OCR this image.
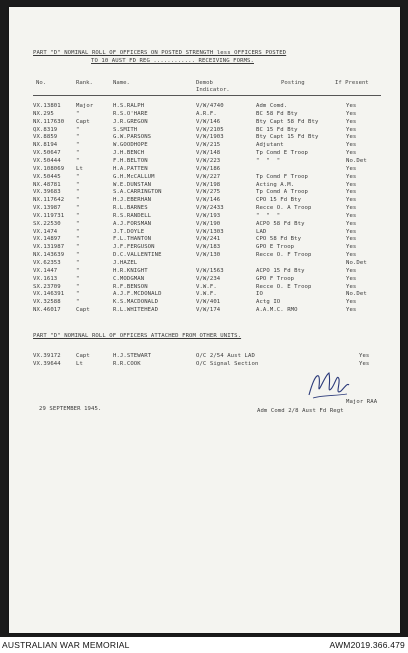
PART "D" NOMINAL ROLL OF OFFICERS ON POSTED STRENGTH less OFFICERS POSTED
TO 10 AUST FD REG ............ RECEIVING FORMS.
No.	Rank.	Name.	Demob
Indicator.
Posting	If Present
VX.13801	Major	H.S.RALPH	V/W/4740	Adm Comd.	Yes
NX.295	"	R.S.O'HARE	A.R.F.	BC 58 Fd Bty	Yes
NX.117630 Capt	J.R.GREGON	V/W/146	Bty Capt 58 Fd Bty	Yes
QX.8319	"	S.SMITH	V/W/2105	BC 15 Fd Bty	Yes
VX.8859	"	G.W.PARSONS	V/W/1903	Bty Capt 15 Fd Bty	Yes
NX.8194	"	W.GOODHOPE	V/W/215	Adjutant	Yes
VX.50647	"	J.H.BENCH	V/W/148	Tp Comd E Troop	Yes
VX.50444	"	F.H.BELTON	V/W/223	"  "  "	No.Det
VX.108069 Lt	H.A.PATTEN	V/W/186	Yes
VX.50445	"	G.H.McCALLUM	V/W/227	Tp Comd F Troop	Yes
NX.48781	"	W.E.DUNSTAN	V/W/198	Acting A.M.	Yes
VX.39683	"	S.A.CARRINGTON	V/W/275	Tp Comd A Troop	Yes
NX.117642 "	H.J.EBERHAN	V/W/146	CPO 15 Fd Bty	Yes
VX.13987	"	R.L.BARNES	V/W/2433	Recce O. A Troop	Yes
VX.119731 "	R.S.RANDELL	V/W/193	"  "  "	Yes
SX.22530	"	A.J.FORSMAN	V/W/190	ACPO 58 Fd Bty	Yes
VX.1474	"	J.T.DOYLE	V/W/1303	LAD	Yes
VX.14897	"	F.L.THANTON	V/W/241	CPO 58 Fd Bty	Yes
VX.131987 "	J.F.FERGUSON	V/W/183	GPO E Troop	Yes
NX.143639 "	D.C.VALLENTINE	V/W/130	Recce O. F Troop	Yes
VX.62353	"	J.HAZEL	No.Det
VX.1447	"	H.R.KNIGHT	V/W/1563	ACPO 15 Fd Bty	Yes
VX.1613	"	C.MODGMAN	V/W/234	GPO F Troop	Yes
SX.23709	"	R.F.BENSON	V.W.F.	Recce O. E Troop	Yes
VX.146391 "	A.J.F.MCDONALD	V.W.F.	IO	No.Det
VX.32588	"	K.S.MACDONALD	V/W/401	Actg IO	Yes
NX.46017	Capt	R.L.WHITEHEAD	V/W/174	A.A.M.C. RMO	Yes
PART "D" NOMINAL ROLL OF OFFICERS ATTACHED FROM OTHER UNITS.
VX.39172	Capt	H.J.STEWART	O/C 2/54 Aust LAD	Yes
VX.39644	Lt	R.R.COOK	O/C Signal Section	Yes
29 SEPTEMBER 1945.
Major RAA
Adm Comd 2/8 Aust Fd Regt
AUSTRALIAN WAR MEMORIAL	AWM2019.366.479
